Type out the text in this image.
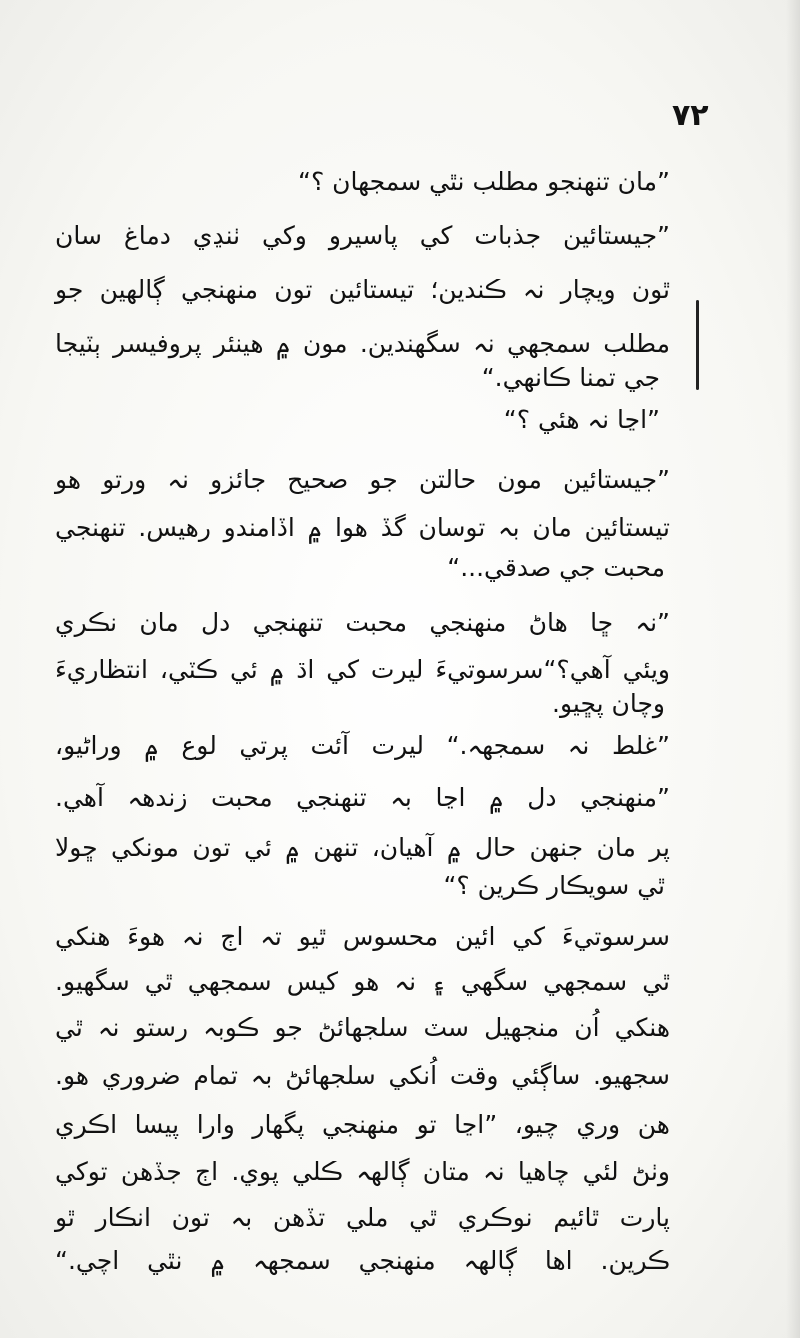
۷۲
”مان تنهنجو مطلب نٿي سمجهان ؟“
”جيستائين جذبات کي پاسيرو وکي ٺنڍي دماغ سان
ٿون ويچار نہ ڪندين؛ تيستائين تون منهنجي ڳالهين جو
مطلب سمجهي نہ سگهندين. مون ۾ هينئر پروفيسر ٻٽيجا
جي تمنا ڪانهي.“
”اڃا نہ هئي ؟“
”جيستائين مون حالتن جو صحيح جائزو نہ ورتو هو
تيستائين مان بہ توسان گڏ هوا ۾ اڏامندو رهيس. تنهنجي
محبت جي صدقي...“
”نہ ڇا هاڻ منهنجي محبت تنهنجي دل مان نڪري
ويئي آهي؟“سرسوتيءَ ليرت کي اڌ ۾ ئي ڪٽي، انتظاريءَ
وچان پڇيو.
”غلط نہ سمجهہ.“ ليرت آئت پرتي لوع ۾ وراڻيو،
”منهنجي دل ۾ اڃا بہ تنهنجي محبت زندهہ آهي.
پر مان جنهن حال ۾ آهيان، تنهن ۾ ئي تون مونکي ڇولا
ٿي سويڪار ڪرين ؟“
سرسوتيءَ کي ائين محسوس ٿيو تہ اڄ نہ هوءَ هنکي
ٿي سمجهي سگهي ۽ نہ هو کيس سمجهي ٿي سگهيو.
هنکي اُن منجهيل سٽ سلجهائڻ جو ڪوبہ رستو نہ ٿي
سجهيو. ساڳئي وقت اُنکي سلجهائڻ بہ تمام ضروري هو.
هن وري چيو، ”اڃا تو منهنجي پگهار وارا پيسا اڪري
وٺڻ لئي چاهيا نہ متان ڳالهہ ڪلي پوي. اڄ جڏهن توکي
پارت ٿائيم نوڪري ٿي ملي تڏهن بہ تون انڪار ٿو
ڪرين. اها ڳالهہ منهنجي سمجهہ ۾ نٿي اچي.“
